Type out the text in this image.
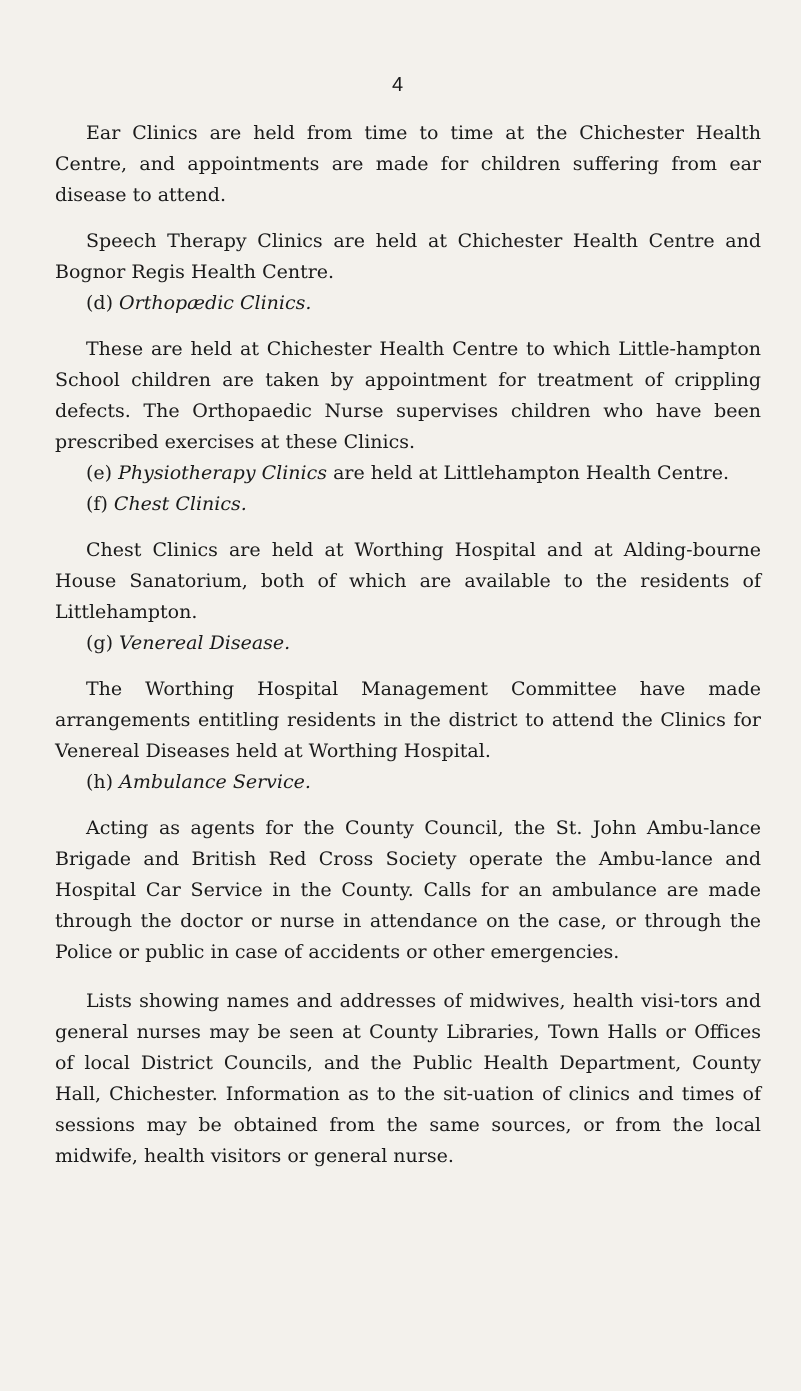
4

Ear Clinics are held from time to time at the Chichester Health Centre, and appointments are made for children suffering from ear disease to attend.

Speech Therapy Clinics are held at Chichester Health Centre and Bognor Regis Health Centre.

(d) Orthopædic Clinics.

These are held at Chichester Health Centre to which Little-hampton School children are taken by appointment for treatment of crippling defects. The Orthopaedic Nurse supervises children who have been prescribed exercises at these Clinics.

(e) Physiotherapy Clinics are held at Littlehampton Health Centre.

(f) Chest Clinics.

Chest Clinics are held at Worthing Hospital and at Alding-bourne House Sanatorium, both of which are available to the residents of Littlehampton.

(g) Venereal Disease.

The Worthing Hospital Management Committee have made arrangements entitling residents in the district to attend the Clinics for Venereal Diseases held at Worthing Hospital.

(h) Ambulance Service.

Acting as agents for the County Council, the St. John Ambu-lance Brigade and British Red Cross Society operate the Ambu-lance and Hospital Car Service in the County. Calls for an ambulance are made through the doctor or nurse in attendance on the case, or through the Police or public in case of accidents or other emergencies.

Lists showing names and addresses of midwives, health visi-tors and general nurses may be seen at County Libraries, Town Halls or Offices of local District Councils, and the Public Health Department, County Hall, Chichester. Information as to the sit-uation of clinics and times of sessions may be obtained from the same sources, or from the local midwife, health visitors or general nurse.
